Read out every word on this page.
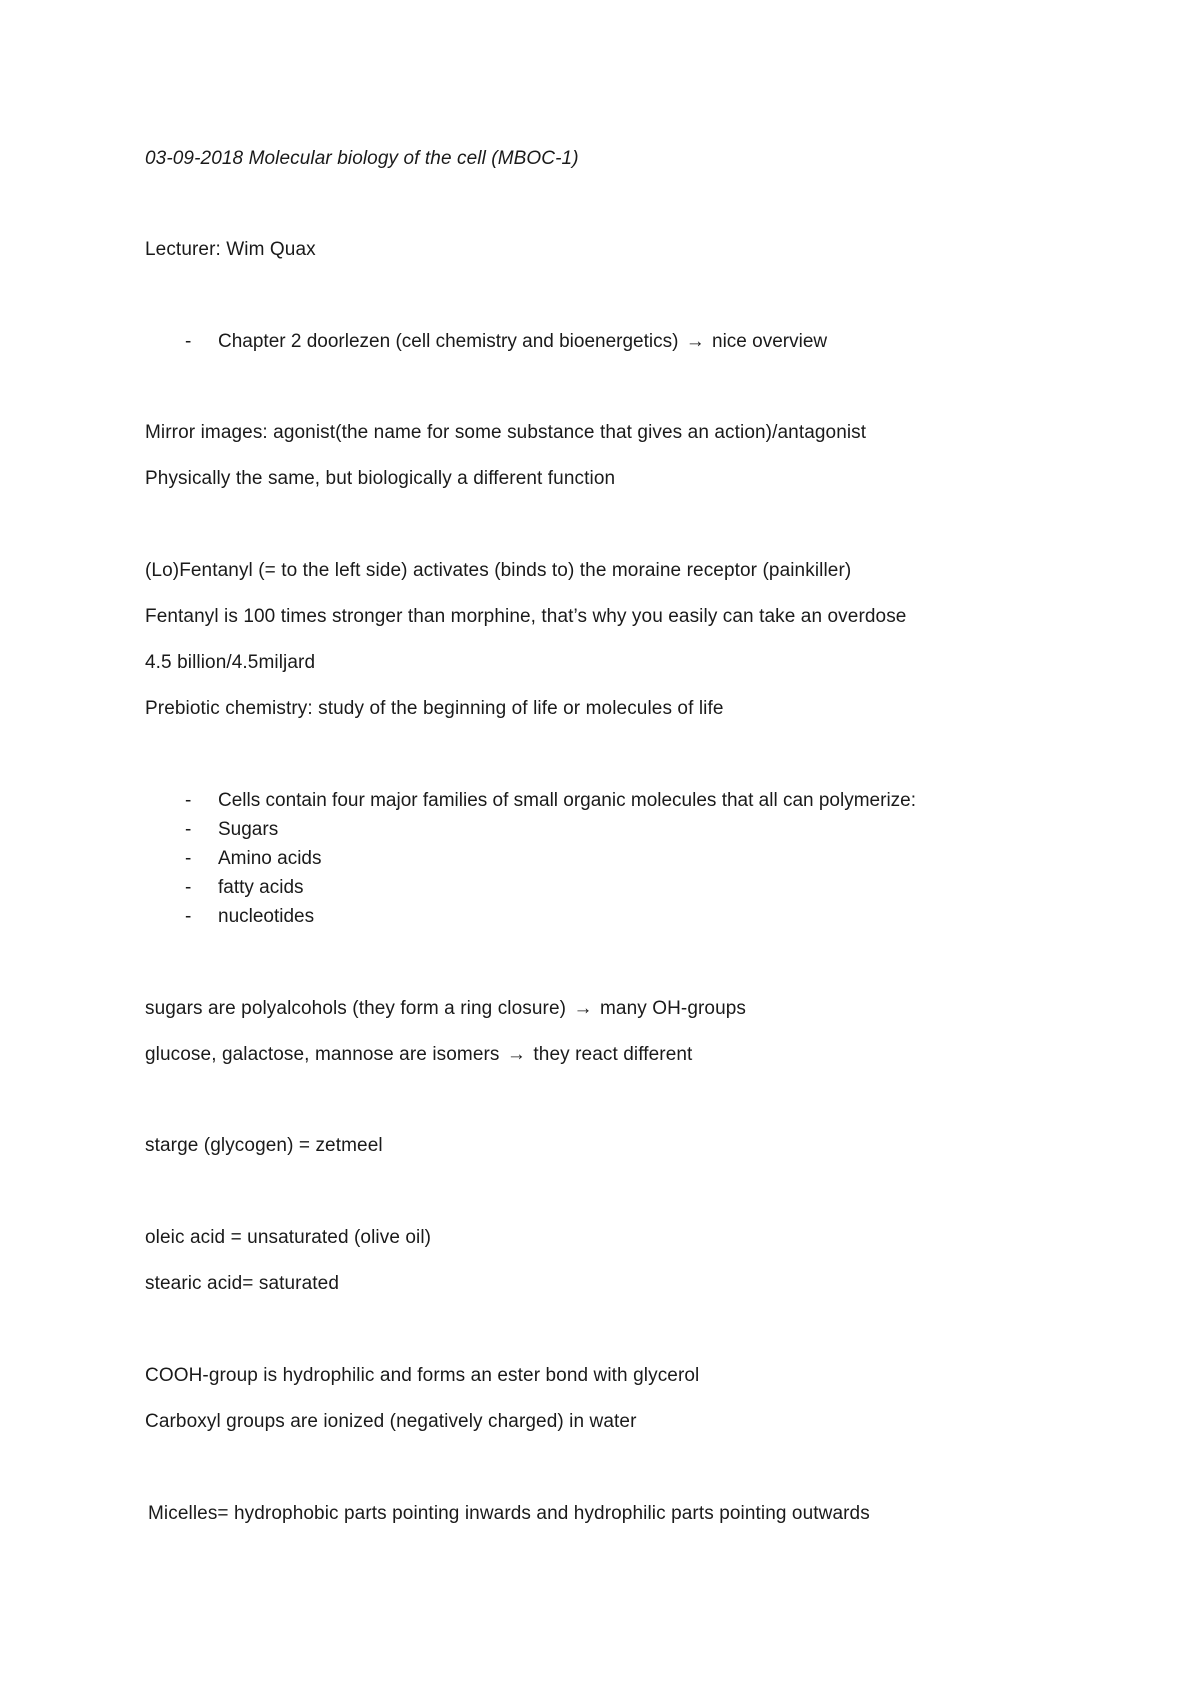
03-09-2018 Molecular biology of the cell (MBOC-1)
Lecturer: Wim Quax
- Chapter 2 doorlezen (cell chemistry and bioenergetics) → nice overview
Mirror images: agonist(the name for some substance that gives an action)/antagonist
Physically the same, but biologically a different function
(Lo)Fentanyl (= to the left side) activates (binds to) the moraine receptor (painkiller)
Fentanyl is 100 times stronger than morphine, that’s why you easily can take an overdose
4.5 billion/4.5miljard
Prebiotic chemistry: study of the beginning of life or molecules of life
- Cells contain four major families of small organic molecules that all can polymerize:
- Sugars
- Amino acids
- fatty acids
- nucleotides
sugars are polyalcohols (they form a ring closure) → many OH-groups
glucose, galactose, mannose are isomers → they react different
starge (glycogen) = zetmeel
oleic acid = unsaturated (olive oil)
stearic acid= saturated
COOH-group is hydrophilic and forms an ester bond with glycerol
Carboxyl groups are ionized (negatively charged) in water
Micelles= hydrophobic parts pointing inwards and hydrophilic parts pointing outwards
